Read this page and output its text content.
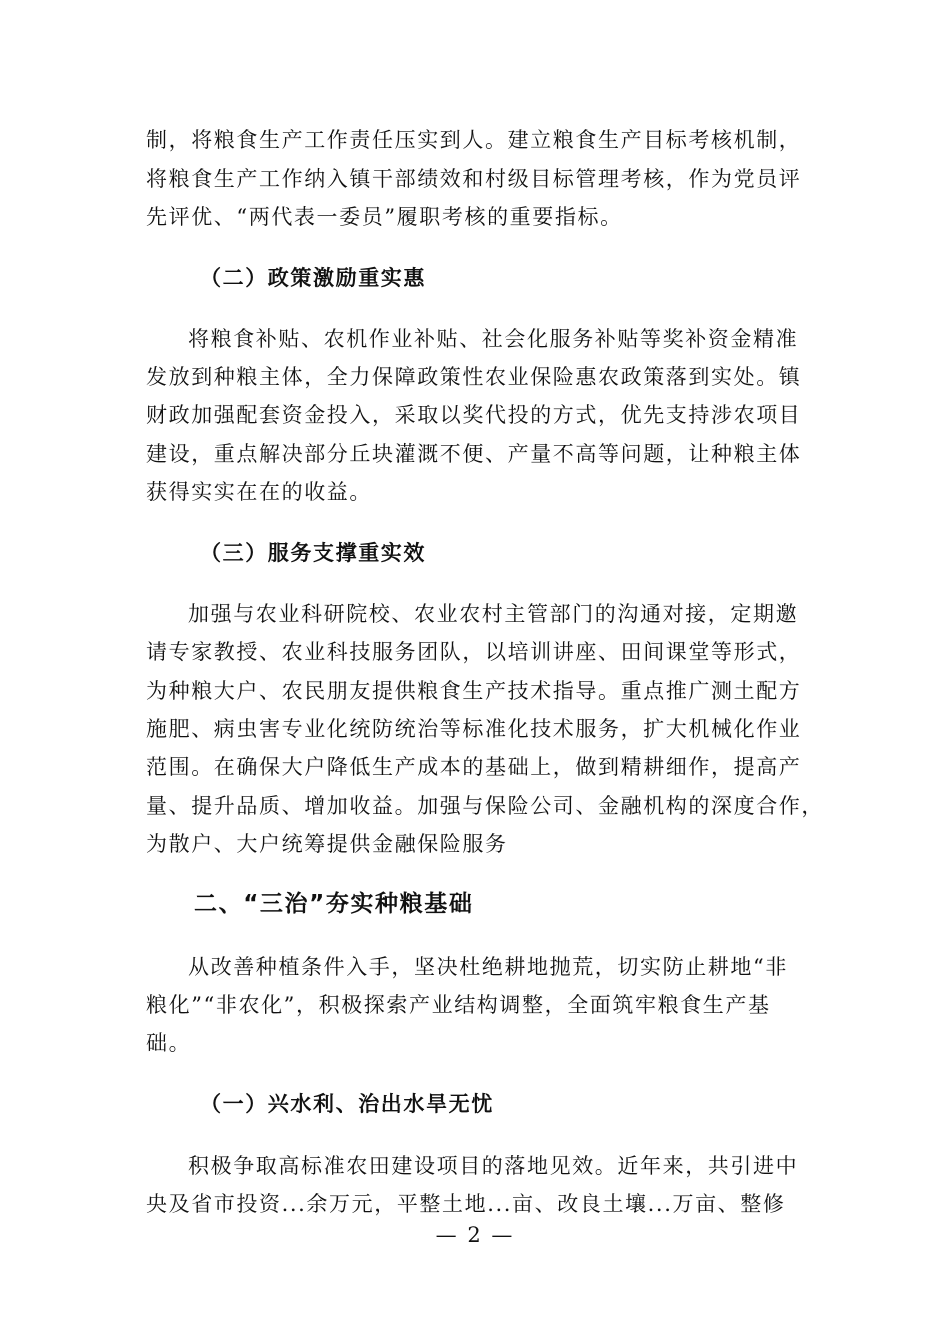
制，将粮食生产工作责任压实到人。建立粮食生产目标考核机制，
将粮食生产工作纳入镇干部绩效和村级目标管理考核，作为党员评
先评优、“两代表一委员”履职考核的重要指标。
（二）政策激励重实惠
将粮食补贴、农机作业补贴、社会化服务补贴等奖补资金精准
发放到种粮主体，全力保障政策性农业保险惠农政策落到实处。镇
财政加强配套资金投入，采取以奖代投的方式，优先支持涉农项目
建设，重点解决部分丘块灌溉不便、产量不高等问题，让种粮主体
获得实实在在的收益。
（三）服务支撑重实效
加强与农业科研院校、农业农村主管部门的沟通对接，定期邀
请专家教授、农业科技服务团队，以培训讲座、田间课堂等形式，
为种粮大户、农民朋友提供粮食生产技术指导。重点推广测土配方
施肥、病虫害专业化统防统治等标准化技术服务，扩大机械化作业
范围。在确保大户降低生产成本的基础上，做到精耕细作，提高产
量、提升品质、增加收益。加强与保险公司、金融机构的深度合作，
为散户、大户统筹提供金融保险服务
二、“三治”夯实种粮基础
从改善种植条件入手，坚决杜绝耕地抛荒，切实防止耕地“非
粮化”“非农化”，积极探索产业结构调整，全面筑牢粮食生产基
础。
（一）兴水利、治出水旱无忧
积极争取高标准农田建设项目的落地见效。近年来，共引进中
央及省市投资...余万元，平整土地...亩、改良土壤...万亩、整修
— 2 —
